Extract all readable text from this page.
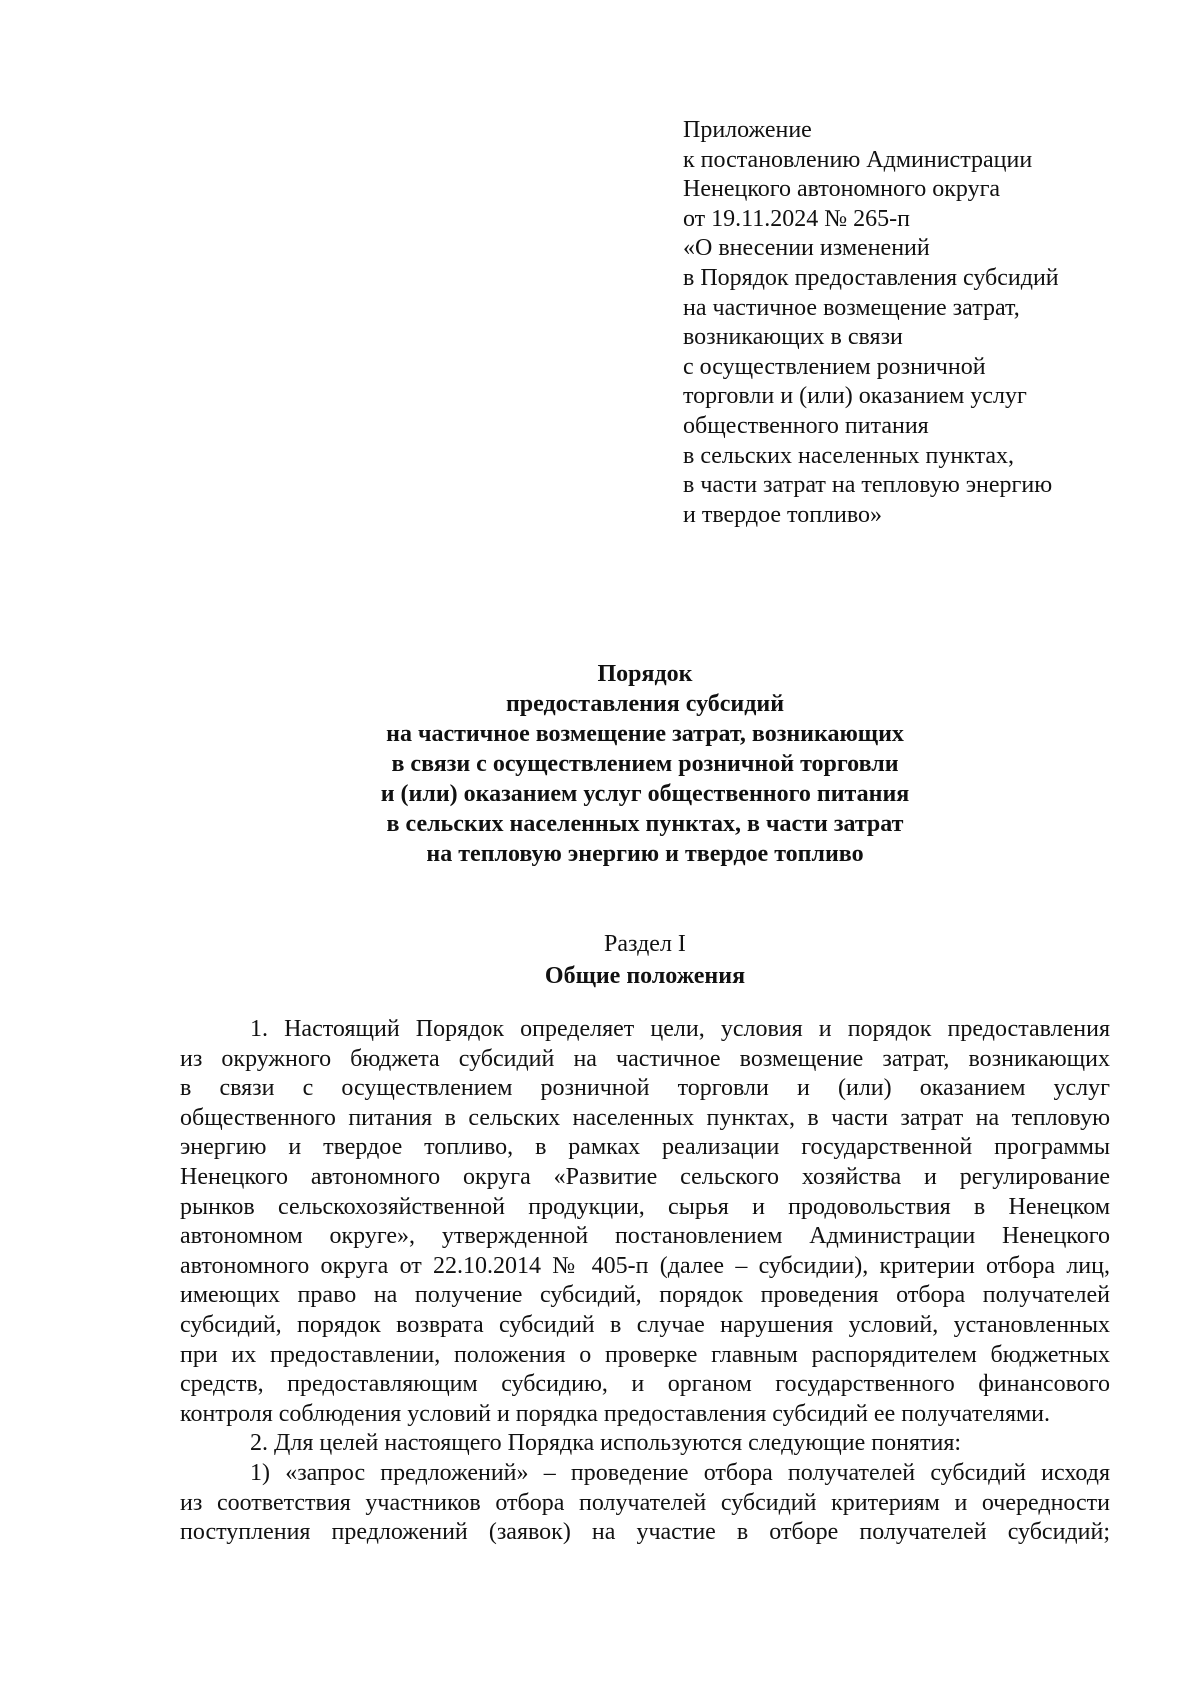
Приложение
к постановлению Администрации
Ненецкого автономного округа
от 19.11.2024 № 265-п
«О внесении изменений
в Порядок предоставления субсидий
на частичное возмещение затрат,
возникающих в связи
с осуществлением розничной
торговли и (или) оказанием услуг
общественного питания
в сельских населенных пунктах,
в части затрат на тепловую энергию
и твердое топливо»
Порядок
предоставления субсидий
на частичное возмещение затрат, возникающих
в связи с осуществлением розничной торговли
и (или) оказанием услуг общественного питания
в сельских населенных пунктах, в части затрат
на тепловую энергию и твердое топливо
Раздел I
Общие положения
1. Настоящий Порядок определяет цели, условия и порядок предоставления
из окружного бюджета субсидий на частичное возмещение затрат, возникающих
в связи с осуществлением розничной торговли и (или) оказанием услуг
общественного питания в сельских населенных пунктах, в части затрат на тепловую
энергию и твердое топливо, в рамках реализации государственной программы
Ненецкого автономного округа «Развитие сельского хозяйства и регулирование
рынков сельскохозяйственной продукции, сырья и продовольствия в Ненецком
автономном округе», утвержденной постановлением Администрации Ненецкого
автономного округа от 22.10.2014 № 405-п (далее – субсидии), критерии отбора лиц,
имеющих право на получение субсидий, порядок проведения отбора получателей
субсидий, порядок возврата субсидий в случае нарушения условий, установленных
при их предоставлении, положения о проверке главным распорядителем бюджетных
средств, предоставляющим субсидию, и органом государственного финансового
контроля соблюдения условий и порядка предоставления субсидий ее получателями.
2. Для целей настоящего Порядка используются следующие понятия:
1) «запрос предложений» – проведение отбора получателей субсидий исходя
из соответствия участников отбора получателей субсидий критериям и очередности
поступления предложений (заявок) на участие в отборе получателей субсидий;
